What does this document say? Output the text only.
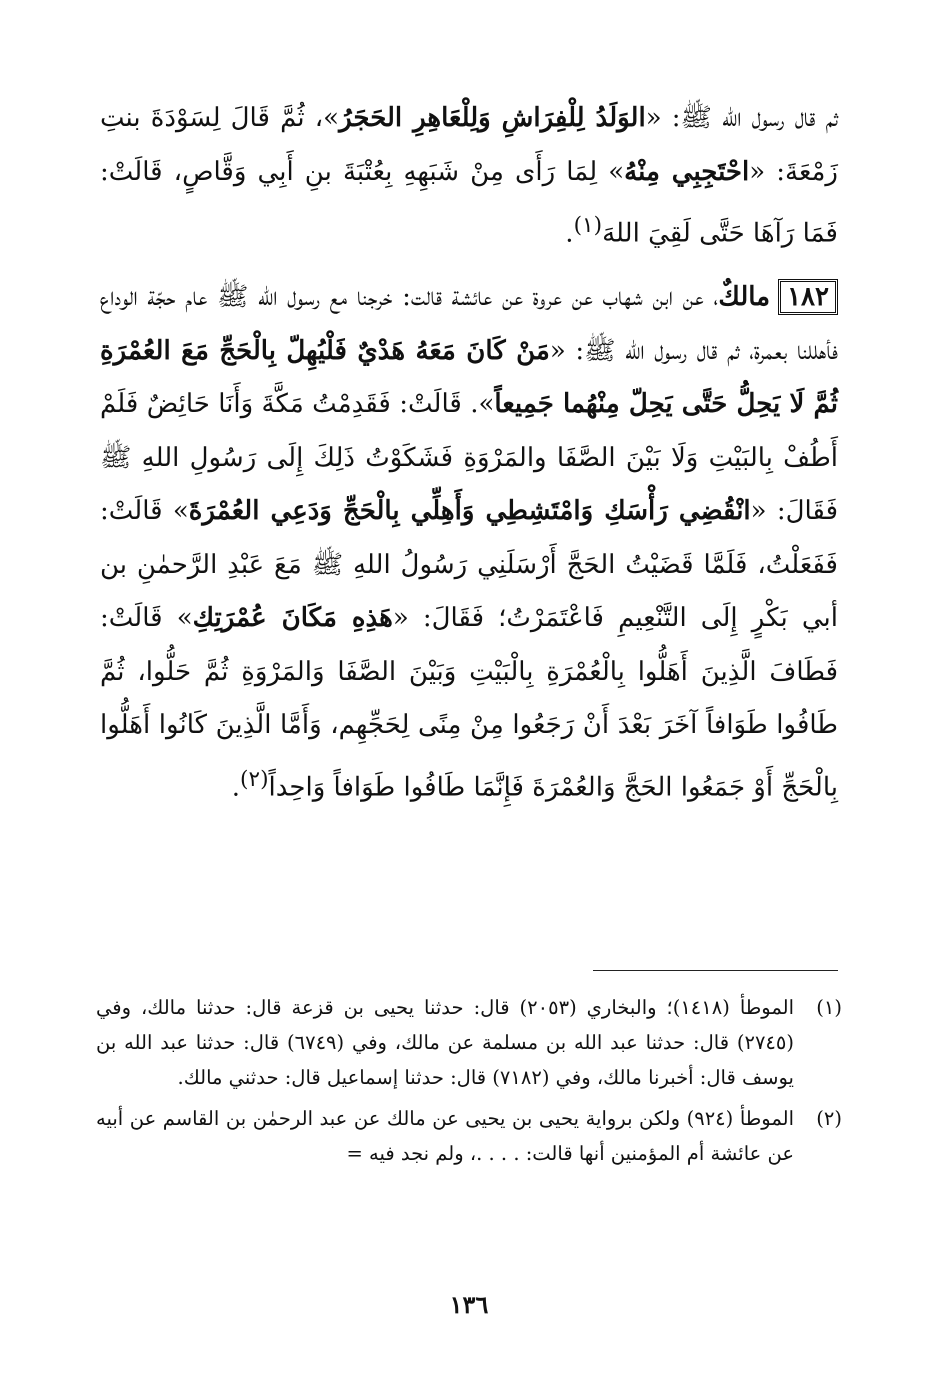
ثم قال رسول الله ﷺ: «الوَلَدُ لِلْفِرَاشِ وَلِلْعَاهِرِ الحَجَرُ»، ثُمَّ قَالَ لِسَوْدَةَ بنتِ زَمْعَةَ: «احْتَجِبِي مِنْهُ» لِمَا رَأَى مِنْ شَبَهِهِ بِعُتْبَةَ بنِ أَبِي وَقَّاصٍ، قَالَتْ: فَمَا رَآهَا حَتَّى لَقِيَ اللهَ$^{(١)}$.

١٨٢مالكٌ، عن ابن شهاب عن عروة عن عائشة قالت: خرجنا مع رسول الله ﷺ عام حجّة الوداع فأهللنا بعمرة، ثم قال رسول الله ﷺ: «مَنْ كَانَ مَعَهُ هَدْيٌ فَلْيُهِلّ بِالْحَجِّ مَعَ العُمْرَةِ ثُمَّ لَا يَحِلُّ حَتَّى يَحِلّ مِنْهُما جَمِيعاً». قَالَتْ: فَقَدِمْتُ مَكَّةَ وَأَنَا حَائِضٌ فَلَمْ أَطُفْ بِالبَيْتِ وَلَا بَيْنَ الصَّفَا والمَرْوَةِ فَشَكَوْتُ ذَلِكَ إِلَى رَسُولِ اللهِ ﷺ فَقَالَ: «انْقُضِي رَأْسَكِ وَامْتَشِطِي وَأَهِلِّي بِالْحَجِّ وَدَعِي العُمْرَةَ» قَالَتْ: فَفَعَلْتُ، فَلَمَّا قَضَيْتُ الحَجَّ أَرْسَلَنِي رَسُولُ اللهِ ﷺ مَعَ عَبْدِ الرَّحمٰنِ بن أبي بَكْرٍ إِلَى التَّنْعِيمِ فَاعْتَمَرْتُ؛ فَقَالَ: «هَذِهِ مَكَانَ عُمْرَتِكِ» قَالَتْ: فَطَافَ الَّذِينَ أَهَلُّوا بِالْعُمْرَةِ بِالْبَيْتِ وَبَيْنَ الصَّفَا وَالمَرْوَةِ ثُمَّ حَلُّوا، ثُمَّ طَافُوا طَوَافاً آخَرَ بَعْدَ أَنْ رَجَعُوا مِنْ مِنًى لِحَجِّهِم، وَأَمَّا الَّذِينَ كَانُوا أَهَلُّوا بِالْحَجِّ أَوْ جَمَعُوا الحَجَّ وَالعُمْرَةَ فَإِنَّمَا طَافُوا طَوَافاً وَاحِداً$^{(٢)}$.

(١)
الموطأ (١٤١٨)؛ والبخاري (٢٠٥٣) قال: حدثنا يحيى بن قزعة قال: حدثنا مالك، وفي (٢٧٤٥) قال: حدثنا عبد الله بن مسلمة عن مالك، وفي (٦٧٤٩) قال: حدثنا عبد الله بن يوسف قال: أخبرنا مالك، وفي (٧١٨٢) قال: حدثنا إسماعيل قال: حدثني مالك.
(٢)
الموطأ (٩٢٤) ولكن برواية يحيى بن يحيى عن مالك عن عبد الرحمٰن بن القاسم عن أبيه عن عائشة أم المؤمنين أنها قالت: . . . .، ولم نجد فيه =
١٣٦
